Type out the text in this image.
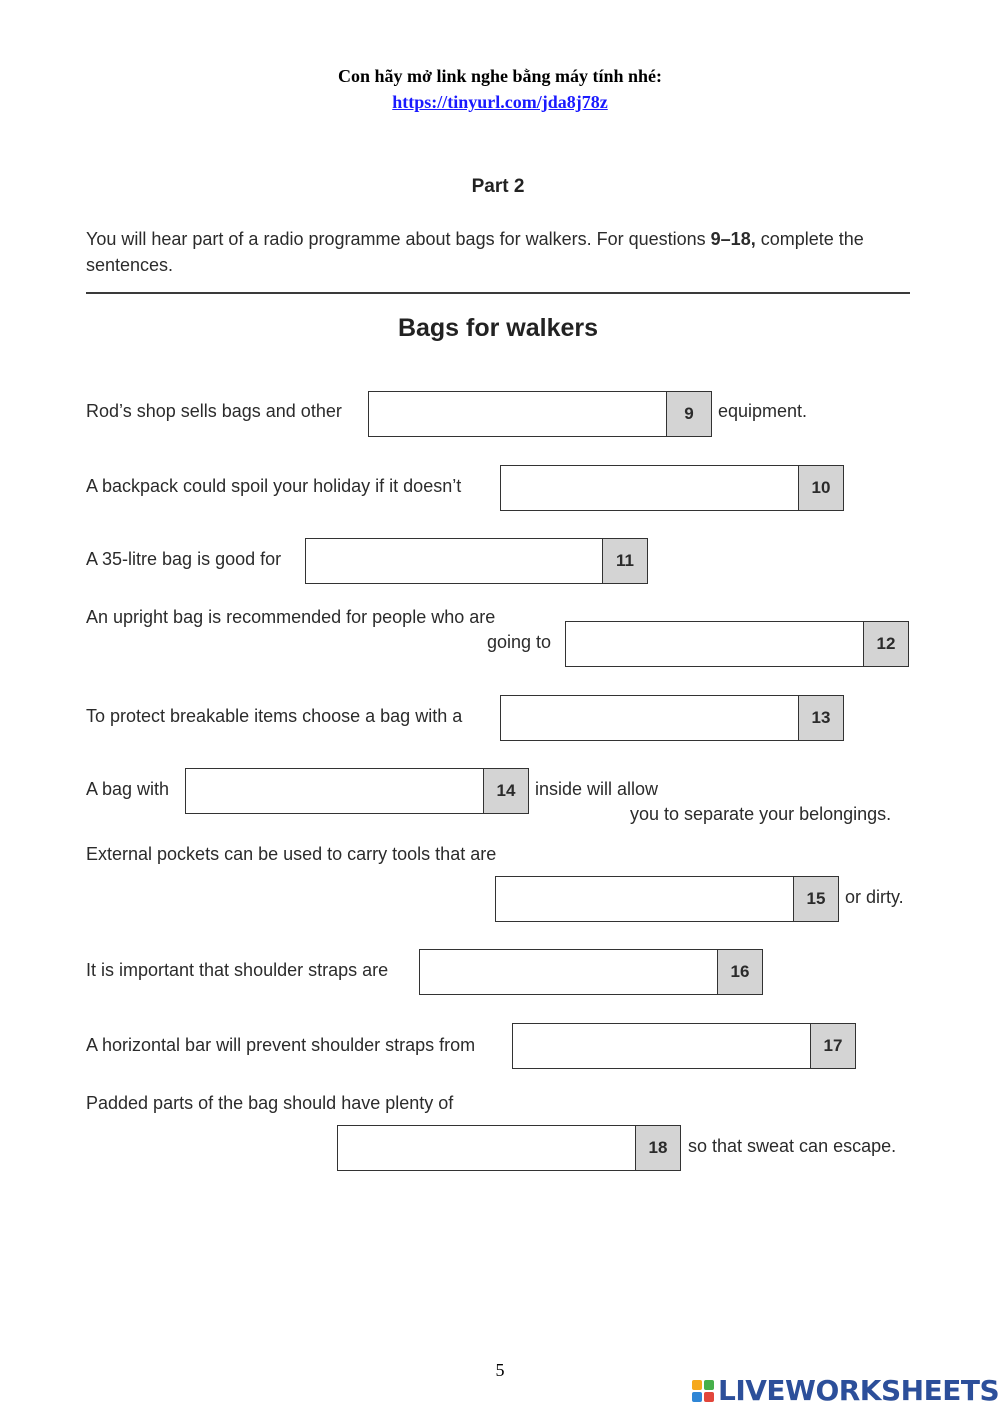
Con hãy mở link nghe bằng máy tính nhé:
https://tinyurl.com/jda8j78z
Part 2
You will hear part of a radio programme about bags for walkers. For questions 9–18, complete the sentences.
Bags for walkers
Rod’s shop sells bags and other	9	equipment.
A backpack could spoil your holiday if it doesn’t	10
A 35-litre bag is good for	11
An upright bag is recommended for people who are
going to	12
To protect breakable items choose a bag with a	13
A bag with	14	inside will allow
you to separate your belongings.
External pockets can be used to carry tools that are
15	or dirty.
It is important that shoulder straps are	16
A horizontal bar will prevent shoulder straps from	17
Padded parts of the bag should have plenty of
18	so that sweat can escape.
5
LIVEWORKSHEETS
